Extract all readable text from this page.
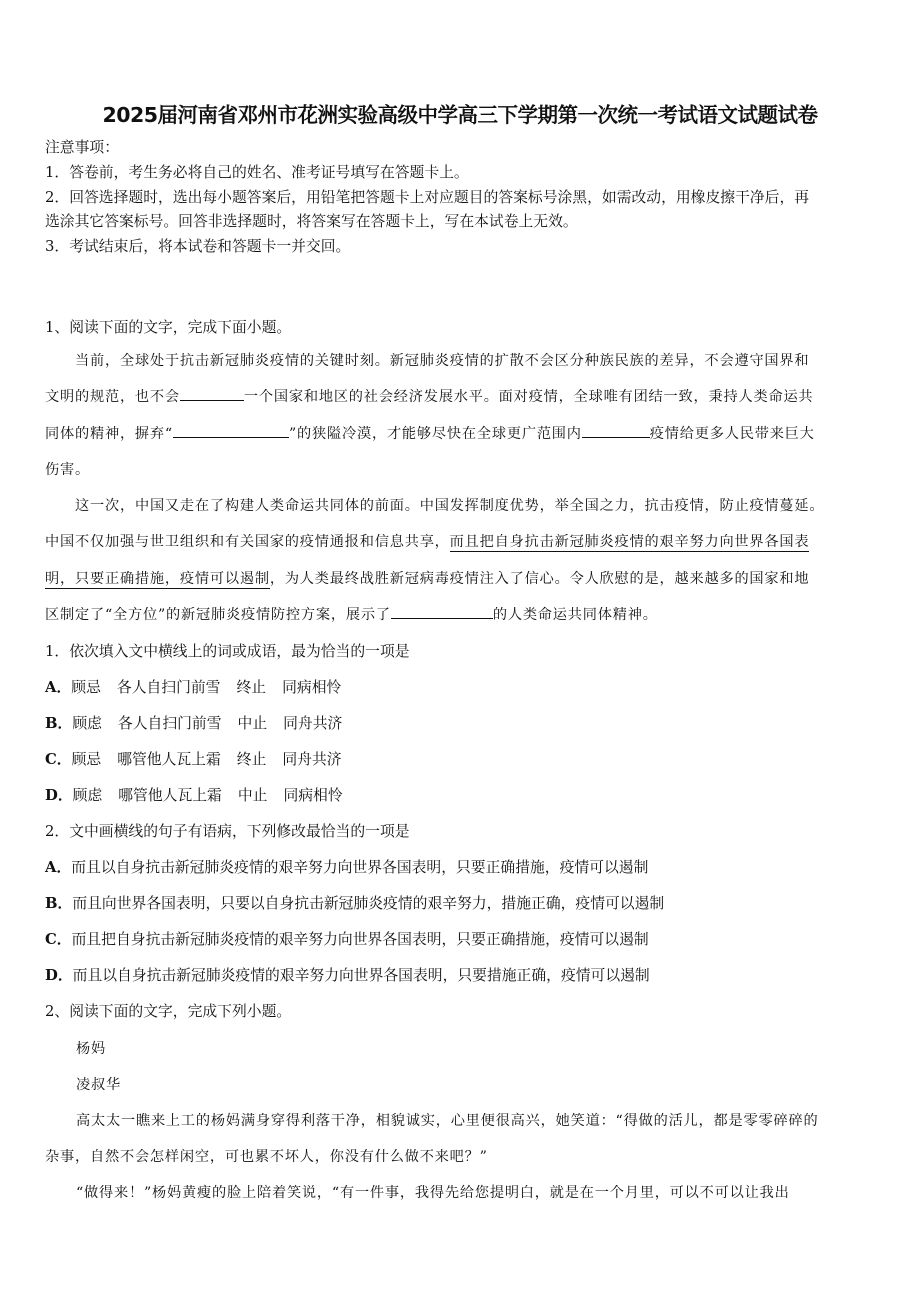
2025届河南省邓州市花洲实验高级中学高三下学期第一次统一考试语文试题试卷
注意事项：
1．答卷前，考生务必将自己的姓名、准考证号填写在答题卡上。
2．回答选择题时，选出每小题答案后，用铅笔把答题卡上对应题目的答案标号涂黑，如需改动，用橡皮擦干净后，再
选涂其它答案标号。回答非选择题时，将答案写在答题卡上，写在本试卷上无效。
3．考试结束后，将本试卷和答题卡一并交回。
1、阅读下面的文字，完成下面小题。
当前，全球处于抗击新冠肺炎疫情的关键时刻。新冠肺炎疫情的扩散不会区分种族民族的差异，不会遵守国界和
文明的规范，也不会	一个国家和地区的社会经济发展水平。面对疫情，全球唯有团结一致，秉持人类命运共
同体的精神，摒弃“	”的狭隘冷漠，才能够尽快在全球更广范围内	疫情给更多人民带来巨大
伤害。
这一次，中国又走在了构建人类命运共同体的前面。中国发挥制度优势，举全国之力，抗击疫情，防止疫情蔓延。
中国不仅加强与世卫组织和有关国家的疫情通报和信息共享，而且把自身抗击新冠肺炎疫情的艰辛努力向世界各国表
明，只要正确措施，疫情可以遏制，为人类最终战胜新冠病毒疫情注入了信心。令人欣慰的是，越来越多的国家和地
区制定了“全方位”的新冠肺炎疫情防控方案，展示了	的人类命运共同体精神。
1．依次填入文中横线上的词或成语，最为恰当的一项是
A．顾忌 各人自扫门前雪 终止 同病相怜
B．顾虑 各人自扫门前雪 中止 同舟共济
C．顾忌 哪管他人瓦上霜 终止 同舟共济
D．顾虑 哪管他人瓦上霜 中止 同病相怜
2．文中画横线的句子有语病，下列修改最恰当的一项是
A．而且以自身抗击新冠肺炎疫情的艰辛努力向世界各国表明，只要正确措施，疫情可以遏制
B．而且向世界各国表明，只要以自身抗击新冠肺炎疫情的艰辛努力，措施正确，疫情可以遏制
C．而且把自身抗击新冠肺炎疫情的艰辛努力向世界各国表明，只要正确措施，疫情可以遏制
D．而且以自身抗击新冠肺炎疫情的艰辛努力向世界各国表明，只要措施正确，疫情可以遏制
2、阅读下面的文字，完成下列小题。
杨妈
凌叔华
高太太一瞧来上工的杨妈满身穿得利落干净，相貌诚实，心里便很高兴，她笑道：“得做的活儿，都是零零碎碎的
杂事，自然不会怎样闲空，可也累不坏人，你没有什么做不来吧？”
“做得来！”杨妈黄瘦的脸上陪着笑说，“有一件事，我得先给您提明白，就是在一个月里，可以不可以让我出
